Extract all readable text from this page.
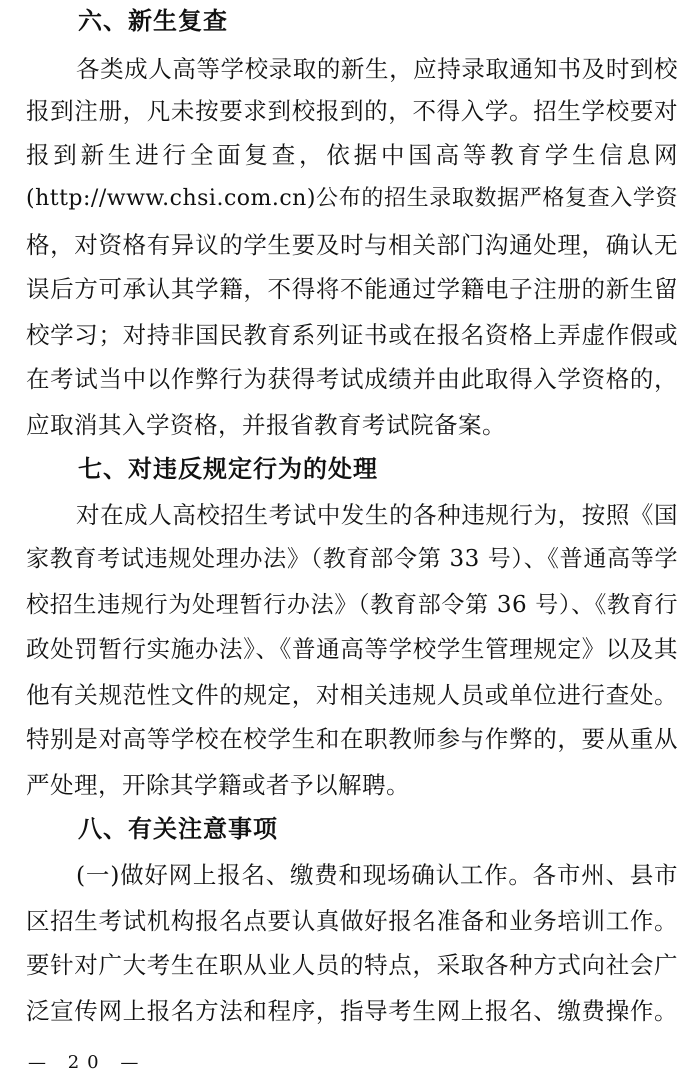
六、新生复查
各类成人高等学校录取的新生，应持录取通知书及时到校
报到注册，凡未按要求到校报到的，不得入学。招生学校要对
报到新生进行全面复查，依据中国高等教育学生信息网
(http://www.chsi.com.cn)公布的招生录取数据严格复查入学资
格，对资格有异议的学生要及时与相关部门沟通处理，确认无
误后方可承认其学籍，不得将不能通过学籍电子注册的新生留
校学习；对持非国民教育系列证书或在报名资格上弄虚作假或
在考试当中以作弊行为获得考试成绩并由此取得入学资格的，
应取消其入学资格，并报省教育考试院备案。
七、对违反规定行为的处理
对在成人高校招生考试中发生的各种违规行为，按照《国
家教育考试违规处理办法》（教育部令第 33 号）、《普通高等学
校招生违规行为处理暂行办法》（教育部令第 36 号）、《教育行
政处罚暂行实施办法》、《普通高等学校学生管理规定》以及其
他有关规范性文件的规定，对相关违规人员或单位进行查处。
特别是对高等学校在校学生和在职教师参与作弊的，要从重从
严处理，开除其学籍或者予以解聘。
八、有关注意事项
(一)做好网上报名、缴费和现场确认工作。各市州、县市
区招生考试机构报名点要认真做好报名准备和业务培训工作。
要针对广大考生在职从业人员的特点，采取各种方式向社会广
泛宣传网上报名方法和程序，指导考生网上报名、缴费操作。
— 20 —
